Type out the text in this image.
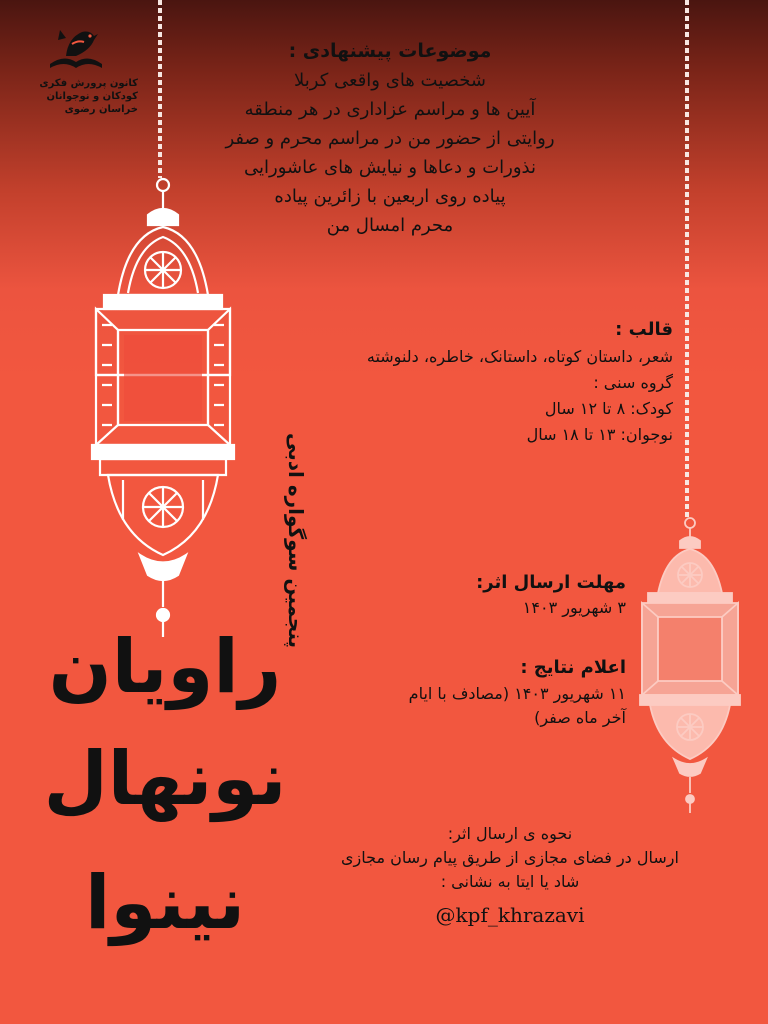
کانون پرورش فکری
کودکان و نوجوانان
خراسان رضوی
پنجمین سوگواره ادبی
راویان
نونهال
نینوا
موضوعات پیشنهادی :
شخصیت های واقعی کربلا
آیین ها و مراسم عزاداری در هر منطقه
روایتی از حضور من در مراسم محرم و صفر
نذورات و دعاها و نیایش های عاشورایی
پیاده روی اربعین با زائرین پیاده
محرم امسال من
قالب :
شعر، داستان کوتاه، داستانک، خاطره، دلنوشته
گروه سنی :
کودک: ۸ تا ۱۲ سال
نوجوان: ۱۳ تا ۱۸ سال
مهلت ارسال اثر:
۳ شهریور ۱۴۰۳
اعلام نتایج :
۱۱ شهریور ۱۴۰۳ (مصادف با ایام
آخر ماه صفر)
نحوه ی ارسال اثر:
ارسال در فضای مجازی از طریق پیام رسان مجازی
شاد یا ایتا به نشانی :
@kpf_khrazavi
